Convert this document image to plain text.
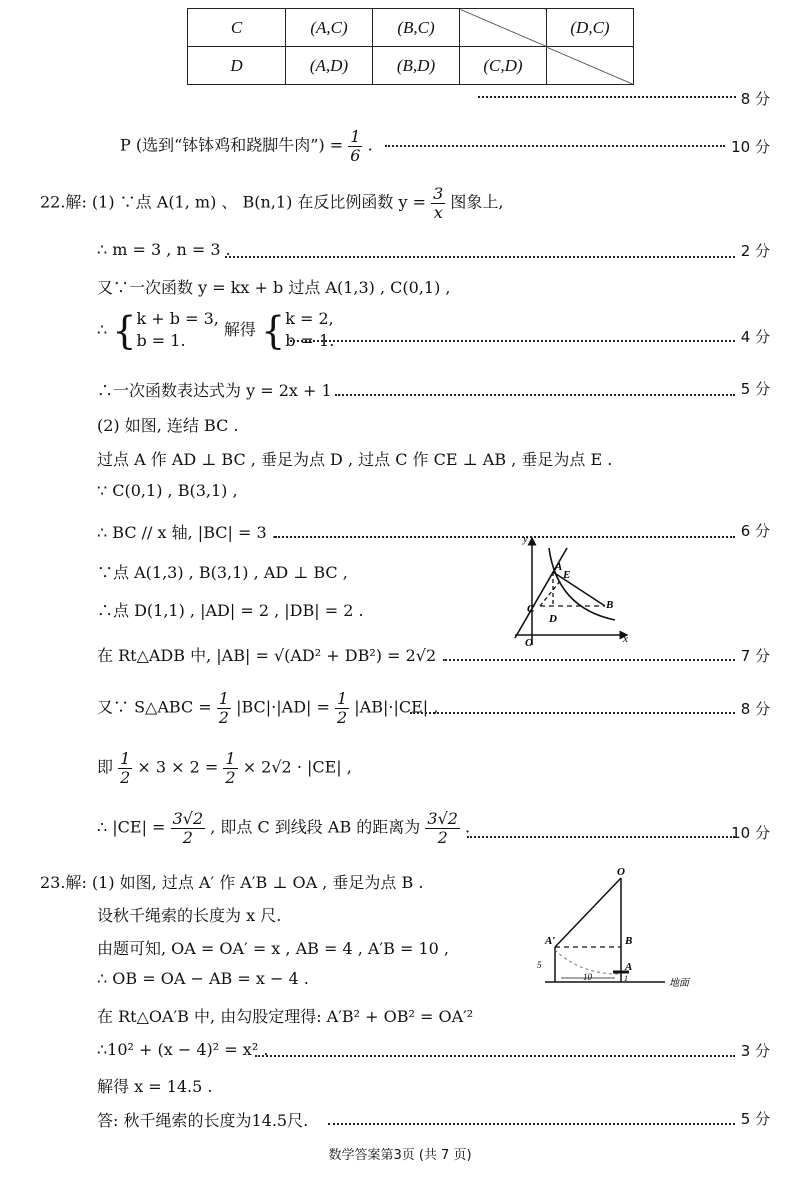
C	(A,C)	(B,C)		(D,C)
D	(A,D)	(B,D)	(C,D)	
8 分
P (选到“钵钵鸡和跷脚牛肉”) = $\frac{1}{6}$ .	10 分
22.解: (1) ∵点 A(1, m) 、 B(n,1) 在反比例函数 $y = \frac{3}{x}$ 图象上,
∴ m = 3 , n = 3 .	2 分
又∵一次函数 y = kx + b 过点 A(1,3) , C(0,1) ,
∴ { k + b = 3,
b = 1.
解得 { k = 2,
b = 1.	4 分
∴一次函数表达式为 y = 2x + 1 .	5 分
(2) 如图, 连结 BC .
过点 A 作 AD ⊥ BC , 垂足为点 D , 过点 C 作 CE ⊥ AB , 垂足为点 E .
∵ C(0,1) , B(3,1) ,
∴ BC // x 轴, |BC| = 3 .	6 分
∵点 A(1,3) , B(3,1) , AD ⊥ BC ,
∴点 D(1,1) , |AD| = 2 , |DB| = 2 .
y
x
A
E
C
D
B
O
在 Rt△ADB 中, |AB| = √(AD² + DB²) = 2√2 .	7 分
又∵ S△ABC = $\frac{1}{2} |BC|\cdot|AD| = \frac{1}{2} |AB|\cdot|CE|$ ,	8 分
即 $\frac{1}{2} \times 3 \times 2 = \frac{1}{2} \times 2√2 \cdot |CE|$ ,
∴ $|CE| = \frac{3√2}{2}$ , 即点 C 到线段 AB 的距离为 $\frac{3√2}{2}$ .	10 分
23.解: (1) 如图, 过点 A′ 作 A′B ⊥ OA , 垂足为点 B .
设秋千绳索的长度为 x 尺.
由题可知, OA = OA′ = x , AB = 4 , A′B = 10 ,
∴ OB = OA − AB = x − 4 .
在 Rt△OA′B 中, 由勾股定理得: A′B² + OB² = OA′²
∴10² + (x − 4)² = x² .	3 分
解得 x = 14.5 .
答: 秋千绳索的长度为14.5尺.	5 分
O
A′	B
A
5
10	1	地面
数学答案第3页 (共 7 页)
